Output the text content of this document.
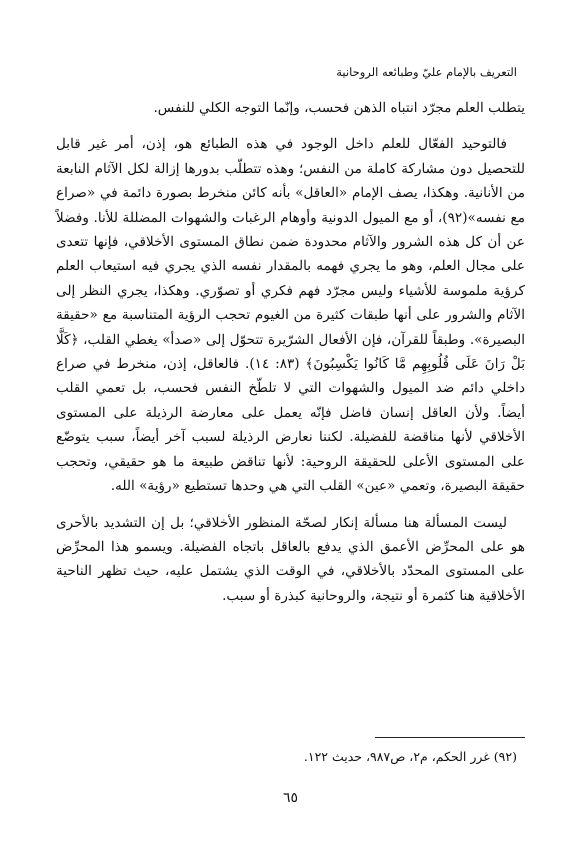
التعريف بالإمام عليّ وطبائعه الروحانية

يتطلب العلم مجرّد انتباه الذهن فحسب، وإنّما التوجه الكلي للنفس.

فالتوحيد الفعّال للعلم داخل الوجود في هذه الطبائع هو، إذن، أمر غير قابل للتحصيل دون مشاركة كاملة من النفس؛ وهذه تتطلّب بدورها إزالة لكل الآثام النابعة من الأنانية. وهكذا، يصف الإمام «العاقل» بأنه كائن منخرط بصورة دائمة في «صراع مع نفسه»(٩٢)، أو مع الميول الدونية وأوهام الرغبات والشهوات المضللة للأنا. وفضلاً عن أن كل هذه الشرور والآثام محدودة ضمن نطاق المستوى الأخلاقي، فإنها تتعدى على مجال العلم، وهو ما يجري فهمه بالمقدار نفسه الذي يجري فيه استيعاب العلم كرؤية ملموسة للأشياء وليس مجرّد فهم فكري أو تصوّري. وهكذا، يجري النظر إلى الآثام والشرور على أنها طبقات كثيرة من الغيوم تحجب الرؤية المتناسبة مع «حقيقة البصيرة». وطبقاً للقرآن، فإن الأفعال الشرّيرة تتحوّل إلى «صدأ» يغطي القلب، ﴿كَلَّا بَلْ رَانَ عَلَى قُلُوبِهِم مَّا كَانُوا يَكْسِبُونَ﴾ (٨٣: ١٤). فالعاقل، إذن، منخرط في صراع داخلي دائم ضد الميول والشهوات التي لا تلطّخ النفس فحسب، بل تعمي القلب أيضاً. ولأن العاقل إنسان فاضل فإنّه يعمل على معارضة الرذيلة على المستوى الأخلاقي لأنها مناقضة للفضيلة. لكننا نعارض الرذيلة لسبب آخر أيضاً، سبب يتوضّع على المستوى الأعلى للحقيقة الروحية: لأنها تناقض طبيعة ما هو حقيقي، وتحجب حقيقة البصيرة، وتعمي «عين» القلب التي هي وحدها تستطيع «رؤية» الله.

ليست المسألة هنا مسألة إنكار لصحّة المنظور الأخلاقي؛ بل إن التشديد بالأحرى هو على المحرِّض الأعمق الذي يدفع بالعاقل باتجاه الفضيلة. ويسمو هذا المحرِّض على المستوى المحدّد بالأخلاقي، في الوقت الذي يشتمل عليه، حيث تظهر الناحية الأخلاقية هنا كثمرة أو نتيجة، والروحانية كبذرة أو سبب.

(٩٢) غرر الحكم، م٢، ص٩٨٧، حديث ١٢٢.
٦٥
